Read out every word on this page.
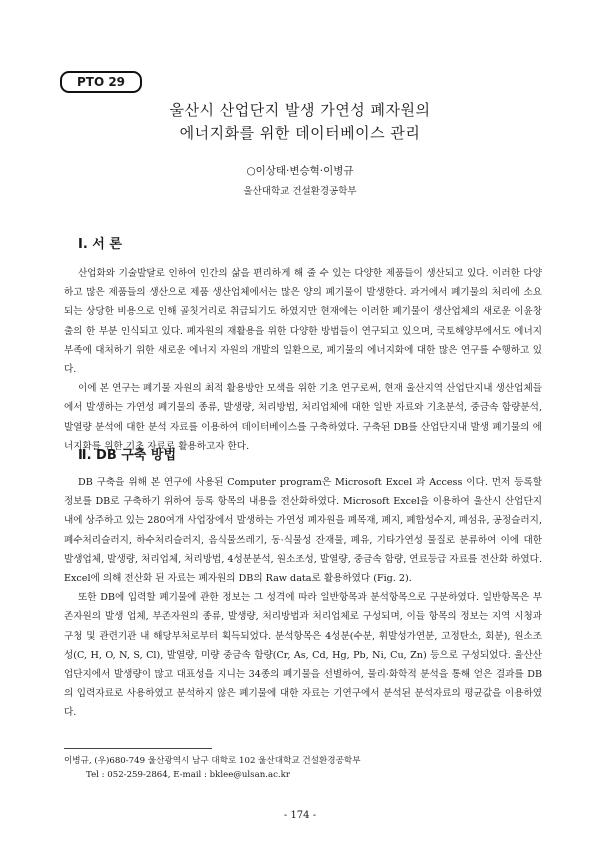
PTO 29
울산시 산업단지 발생 가연성 폐자원의
에너지화를 위한 데이터베이스 관리
○이상태·변승혁·이병규
울산대학교 건설환경공학부
Ⅰ. 서 론

산업화와 기술발달로 인하여 인간의 삶을 편리하게 해 줄 수 있는 다양한 제품들이 생산되고 있다. 이러한 다양하고 많은 제품들의 생산으로 제품 생산업체에서는 많은 양의 폐기물이 발생한다. 과거에서 폐기물의 처리에 소요되는 상당한 비용으로 인해 골칫거리로 취급되기도 하였지만 현재에는 이러한 폐기물이 생산업체의 새로운 이윤창출의 한 부분 인식되고 있다. 폐자원의 재활용을 위한 다양한 방법들이 연구되고 있으며, 국토해양부에서도 에너지 부족에 대처하기 위한 새로운 에너지 자원의 개발의 일환으로, 폐기물의 에너지화에 대한 많은 연구를 수행하고 있다.

이에 본 연구는 폐기물 자원의 최적 활용방안 모색을 위한 기초 연구로써, 현재 울산지역 산업단지내 생산업체들에서 발생하는 가연성 폐기물의 종류, 발생량, 처리방법, 처리업체에 대한 일반 자료와 기초분석, 중금속 함량분석, 발열량 분석에 대한 분석 자료를 이용하여 데이터베이스를 구축하였다. 구축된 DB를 산업단지내 발생 폐기물의 에너지화를 위한 기초 자료로 활용하고자 한다.

Ⅱ. DB 구축 방법

DB 구축을 위해 본 연구에 사용된 Computer program은 Microsoft Excel 과 Access 이다. 먼저 등록할 정보를 DB로 구축하기 위하여 등록 항목의 내용을 전산화하였다. Microsoft Excel을 이용하여 울산시 산업단지 내에 상주하고 있는 280여개 사업장에서 발생하는 가연성 폐자원을 폐목재, 폐지, 폐합성수지, 폐섬유, 공정슬러지, 폐수처리슬러지, 하수처리슬러지, 음식물쓰레기, 동·식물성 잔재물, 폐유, 기타가연성 물질로 분류하여 이에 대한 발생업체, 발생량, 처리업체, 처리방법, 4성분분석, 원소조성, 발열량, 중금속 함량, 연료등급 자료를 전산화 하였다. Excel에 의해 전산화 된 자료는 폐자원의 DB의 Raw data로 활용하였다 (Fig. 2).

또한 DB에 입력할 폐기물에 관한 정보는 그 성격에 따라 일반항목과 분석항목으로 구분하였다. 일반항목은 부존자원의 발생 업체, 부존자원의 종류, 발생량, 처리방법과 처리업체로 구성되며, 이들 항목의 정보는 지역 시청과 구청 및 관련기관 내 해당부처로부터 획득되었다. 분석항목은 4성분(수분, 휘발성가연분, 고정탄소, 회분), 원소조성(C, H, O, N, S, Cl), 발열량, 미량 중금속 함량(Cr, As, Cd, Hg, Pb, Ni, Cu, Zn) 등으로 구성되었다. 울산산업단지에서 발생량이 많고 대표성을 지니는 34종의 폐기물을 선별하여, 물리·화학적 분석을 통해 얻은 결과를 DB의 입력자료로 사용하였고 분석하지 않은 폐기물에 대한 자료는 기연구에서 분석된 분석자료의 평균값을 이용하였다.

이병규, (우)680-749 울산광역시 남구 대학로 102 울산대학교 건설환경공학부

Tel : 052-259-2864, E-mail : bklee@ulsan.ac.kr
- 174 -
